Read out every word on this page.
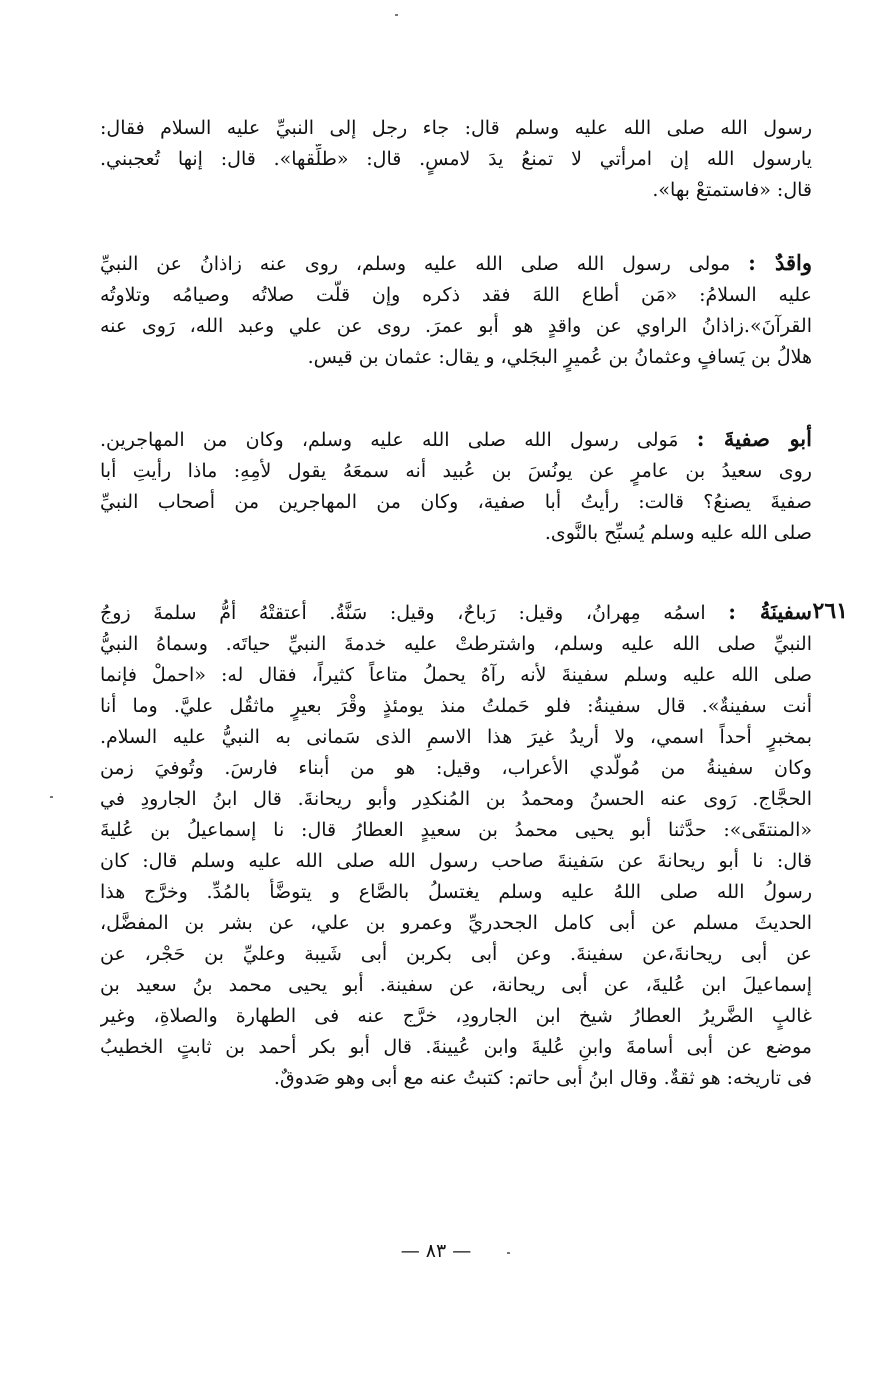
رسول الله صلى الله عليه وسلم قال: جاء رجل إلى النبيِّ عليه السلام فقال:
يارسول الله إن امرأتي لا تمنعُ يدَ لامسٍ. قال: «طلِّقها». قال: إنها تُعجبني.
قال: «فاستمتعْ بها».
واقدٌ : مولى رسول الله صلى الله عليه وسلم، روى عنه زاذانُ عن النبيِّ
عليه السلامُ: «مَن أطاع اللهَ فقد ذكره وإن قلَّت صلاتُه وصيامُه وتلاوتُه
القرآنَ».زاذانُ الراوي عن واقدٍ هو أبو عمرَ. روى عن علي وعبد الله، رَوى عنه
هلالُ بن يَسافٍ وعثمانُ بن عُميرٍ البجَلي، و يقال: عثمان بن قيس.
أبو صفيةَ : مَولى رسول الله صلى الله عليه وسلم، وكان من المهاجرين.
روى سعيدُ بن عامرٍ عن يونُسَ بن عُبيد أنه سمعَهُ يقول لأمِهِ: ماذا رأيتِ أبا
صفيةَ يصنعُ؟ قالت: رأيتُ أبا صفية، وكان من المهاجرين من أصحاب النبيِّ
صلى الله عليه وسلم يُسبِّح بالنَّوى.
٢٦١
سفينَةُ : اسمُه مِهرانُ، وقيل: رَباحٌ، وقيل: سَنَّةُ. أعتقتْهُ أمُّ سلمةَ زوجُ
النبيِّ صلى الله عليه وسلم، واشترطتْ عليه خدمةَ النبيِّ حياتَه. وسماهُ النبيُّ
صلى الله عليه وسلم سفينةَ لأنه رآهُ يحملُ متاعاً كثيراً، فقال له: «احملْ فإنما
أنت سفينةٌ». قال سفينةُ: فلو حَملتُ منذ يومئذٍ وقْرَ بعيرٍ ماثقُل عليَّ. وما أنا
بمخبرٍ أحداً اسمي، ولا أريدُ غيرَ هذا الاسمِ الذى سَمانى به النبيُّ عليه السلام.
وكان سفينةُ من مُولَّدي الأعراب، وقيل: هو من أبناء فارسَ. وتُوفيَ زمن
الحجَّاج. رَوى عنه الحسنُ ومحمدُ بن المُنكدِر وأبو ريحانةَ. قال ابنُ الجارودِ في
«المنتقَى»: حدَّثنا أبو يحيى محمدُ بن سعيدٍ العطارُ قال: نا إسماعيلُ بن عُليةَ
قال: نا أبو ريحانةَ عن سَفينةَ صاحب رسول الله صلى الله عليه وسلم قال: كان
رسولُ الله صلى اللهُ عليه وسلم يغتسلُ بالصَّاع و يتوضَّأُ بالمُدِّ. وخرَّج هذا
الحديثَ مسلم عن أبى كامل الجحدريِّ وعمرو بن علي، عن بشر بن المفضَّل،
عن أبى ريحانةَ،عن سفينةَ. وعن أبى بكربن أبى شَيبة وعليِّ بن حَجْر، عن
إسماعيلَ ابن عُليةَ، عن أبى ريحانة، عن سفينة. أبو يحيى محمد بنُ سعيد بن
غالبٍ الضَّريرُ العطارُ شيخ ابن الجارودِ، خرَّج عنه فى الطهارة والصلاةِ، وغير
موضع عن أبى أسامةَ وابنِ عُليةَ وابن عُيينةَ. قال أبو بكر أحمد بن ثابتٍ الخطيبُ
فى تاريخه: هو ثقةٌ. وقال ابنُ أبى حاتم: كتبتُ عنه مع أبى وهو صَدوقٌ.
— ٨٣ —
